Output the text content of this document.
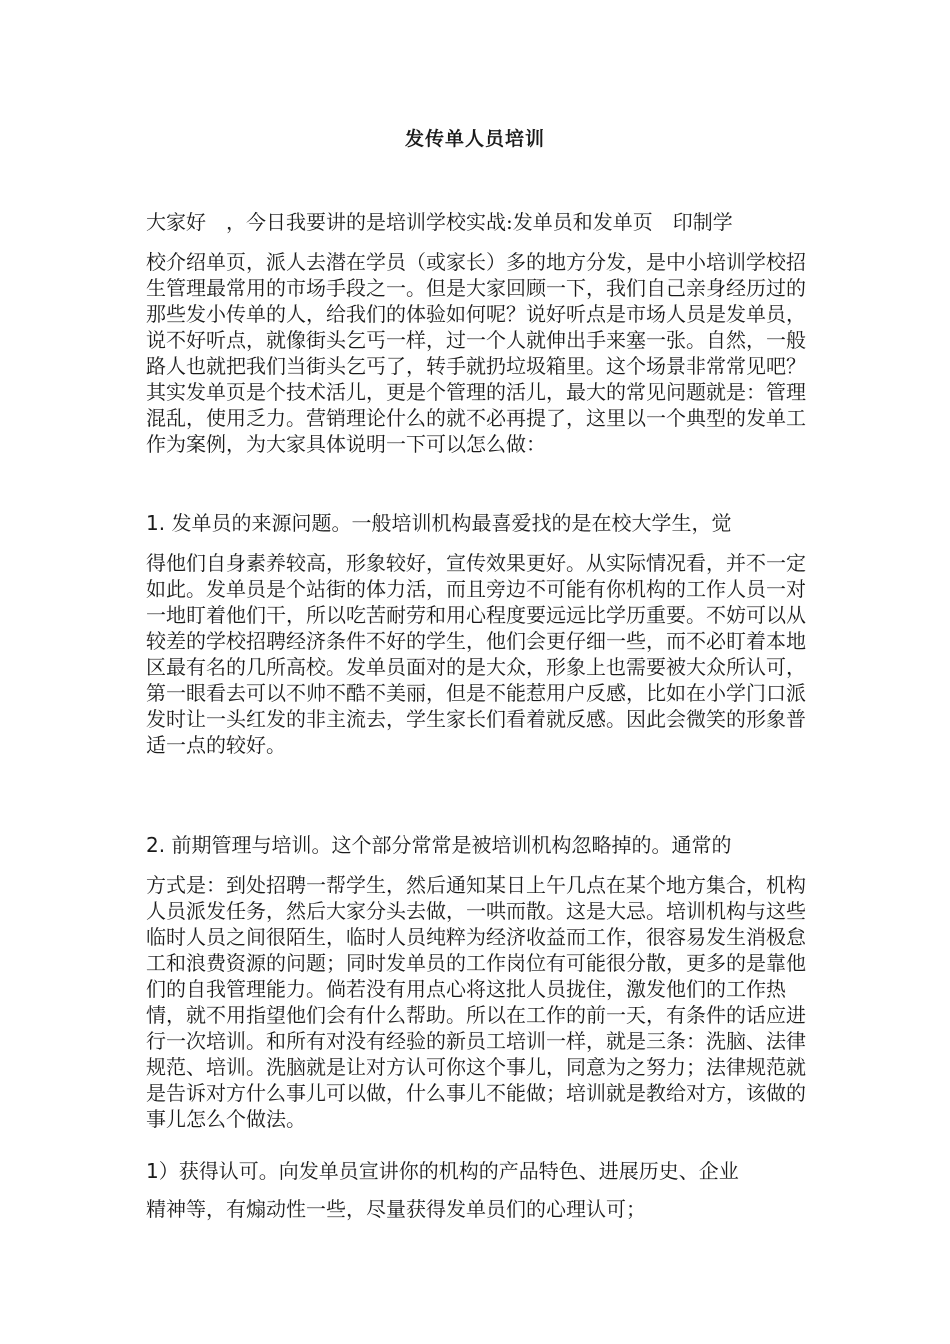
发传单人员培训

大家好　，今日我要讲的是培训学校实战:发单员和发单页　印制学

校介绍单页，派人去潜在学员（或家长）多的地方分发，是中小培训学校招生管理最常用的市场手段之一。但是大家回顾一下，我们自己亲身经历过的那些发小传单的人，给我们的体验如何呢？说好听点是市场人员是发单员，说不好听点，就像街头乞丐一样，过一个人就伸出手来塞一张。自然，一般路人也就把我们当街头乞丐了，转手就扔垃圾箱里。这个场景非常常见吧？其实发单页是个技术活儿，更是个管理的活儿，最大的常见问题就是：管理混乱，使用乏力。营销理论什么的就不必再提了，这里以一个典型的发单工作为案例，为大家具体说明一下可以怎么做：

1. 发单员的来源问题。一般培训机构最喜爱找的是在校大学生，觉

得他们自身素养较高，形象较好，宣传效果更好。从实际情况看，并不一定如此。发单员是个站街的体力活，而且旁边不可能有你机构的工作人员一对一地盯着他们干，所以吃苦耐劳和用心程度要远远比学历重要。不妨可以从较差的学校招聘经济条件不好的学生，他们会更仔细一些，而不必盯着本地区最有名的几所高校。发单员面对的是大众，形象上也需要被大众所认可，第一眼看去可以不帅不酷不美丽，但是不能惹用户反感，比如在小学门口派发时让一头红发的非主流去，学生家长们看着就反感。因此会微笑的形象普适一点的较好。

2. 前期管理与培训。这个部分常常是被培训机构忽略掉的。通常的

方式是：到处招聘一帮学生，然后通知某日上午几点在某个地方集合，机构人员派发任务，然后大家分头去做，一哄而散。这是大忌。培训机构与这些临时人员之间很陌生，临时人员纯粹为经济收益而工作，很容易发生消极怠工和浪费资源的问题；同时发单员的工作岗位有可能很分散，更多的是靠他们的自我管理能力。倘若没有用点心将这批人员拢住，激发他们的工作热情，就不用指望他们会有什么帮助。所以在工作的前一天，有条件的话应进行一次培训。和所有对没有经验的新员工培训一样，就是三条：洗脑、法律规范、培训。洗脑就是让对方认可你这个事儿，同意为之努力；法律规范就是告诉对方什么事儿可以做，什么事儿不能做；培训就是教给对方，该做的事儿怎么个做法。

1）获得认可。向发单员宣讲你的机构的产品特色、进展历史、企业

精神等，有煽动性一些，尽量获得发单员们的心理认可；
